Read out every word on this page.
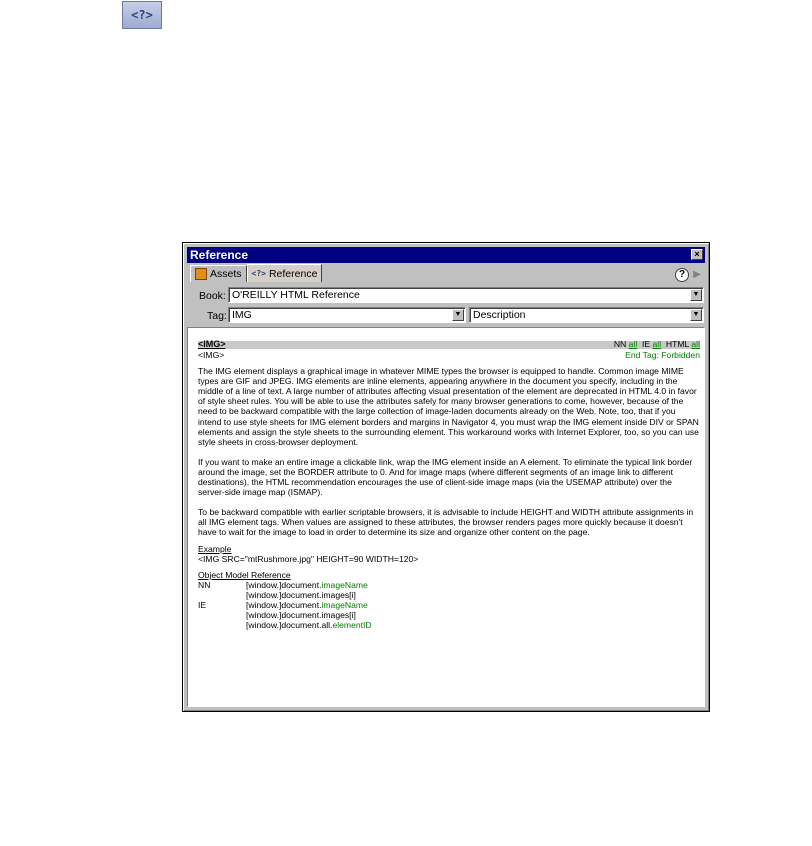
<?>
Reference	×
Assets <?> Reference	? ▶
Book: O'REILLY HTML Reference	▼
Tag: IMG	▼	Description	▼
<IMG>	NN all IE all HTML all
<IMG>	End Tag: Forbidden
The IMG element displays a graphical image in whatever MIME types the browser is equipped to handle. Common image MIME types are GIF and JPEG. IMG elements are inline elements, appearing anywhere in the document you specify, including in the middle of a line of text. A large number of attributes affecting visual presentation of the element are deprecated in HTML 4.0 in favor of style sheet rules. You will be able to use the attributes safely for many browser generations to come, however, because of the need to be backward compatible with the large collection of image-laden documents already on the Web. Note, too, that if you intend to use style sheets for IMG element borders and margins in Navigator 4, you must wrap the IMG element inside DIV or SPAN elements and assign the style sheets to the surrounding element. This workaround works with Internet Explorer, too, so you can use style sheets in cross-browser deployment.
If you want to make an entire image a clickable link, wrap the IMG element inside an A element. To eliminate the typical link border around the image, set the BORDER attribute to 0. And for image maps (where different segments of an image link to different destinations), the HTML recommendation encourages the use of client-side image maps (via the USEMAP attribute) over the server-side image map (ISMAP).
To be backward compatible with earlier scriptable browsers, it is advisable to include HEIGHT and WIDTH attribute assignments in all IMG element tags. When values are assigned to these attributes, the browser renders pages more quickly because it doesn't have to wait for the image to load in order to determine its size and organize other content on the page.
Example
<IMG SRC="mtRushmore.jpg" HEIGHT=90 WIDTH=120>
Object Model Reference
NN	[window.]document.imageName
[window.]document.images[i]
IE	[window.]document.imageName
[window.]document.images[i]
[window.]document.all.elementID
